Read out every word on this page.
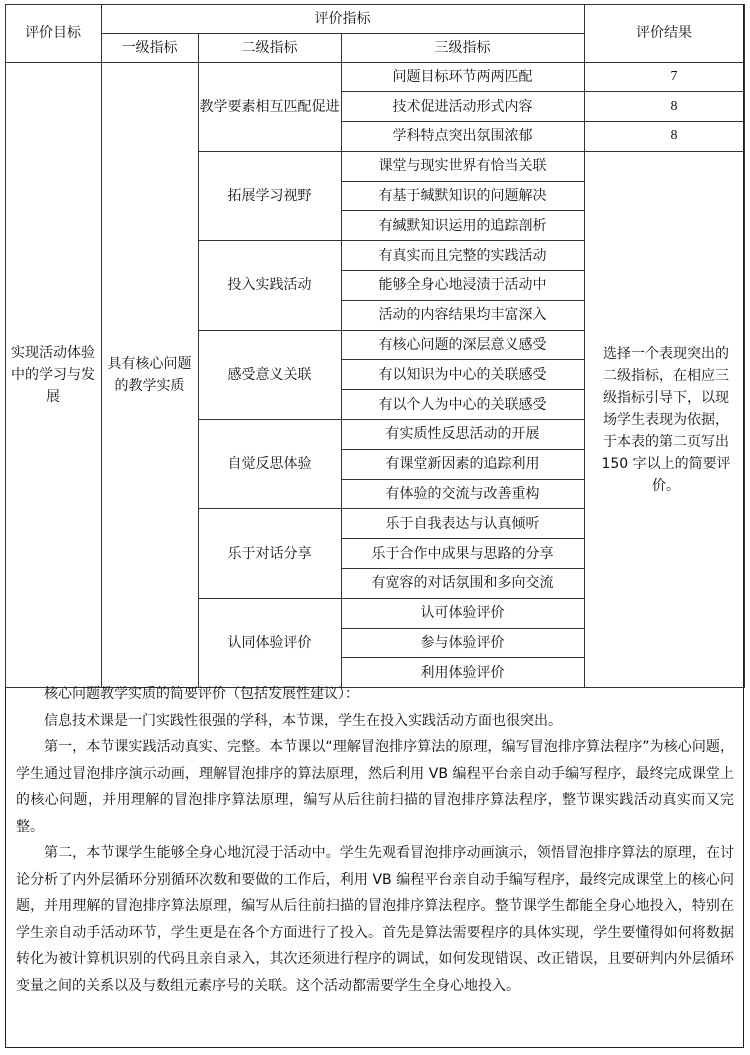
评价目标	评价指标			评价结果	
	一级指标	二级指标	三级指标		
实现活动体验中的学习与发展	具有核心问题的教学实质	教学要素相互匹配促进	问题目标环节两两匹配	7	
			技术促进活动形式内容	8	
			学科特点突出氛围浓郁	8	
		拓展学习视野	课堂与现实世界有恰当关联	选择一个表现突出的二级指标，在相应三级指标引导下，以现场学生表现为依据，于本表的第二页写出 150 字以上的简要评价。	
			有基于缄默知识的问题解决		
			有缄默知识运用的追踪剖析		
		投入实践活动	有真实而且完整的实践活动		
			能够全身心地浸渍于活动中		
			活动的内容结果均丰富深入		
		感受意义关联	有核心问题的深层意义感受		
			有以知识为中心的关联感受		
			有以个人为中心的关联感受		
		自觉反思体验	有实质性反思活动的开展		
			有课堂新因素的追踪利用		
			有体验的交流与改善重构		
		乐于对话分享	乐于自我表达与认真倾听		
			乐于合作中成果与思路的分享		
			有宽容的对话氛围和多向交流		
		认同体验评价	认可体验评价		
			参与体验评价		
			利用体验评价		

核心问题教学实质的简要评价（包括发展性建议）：

信息技术课是一门实践性很强的学科，本节课，学生在投入实践活动方面也很突出。

第一，本节课实践活动真实、完整。本节课以“理解冒泡排序算法的原理，编写冒泡排序算法程序”为核心问题，学生通过冒泡排序演示动画，理解冒泡排序的算法原理，然后利用 VB 编程平台亲自动手编写程序，最终完成课堂上的核心问题，并用理解的冒泡排序算法原理，编写从后往前扫描的冒泡排序算法程序，整节课实践活动真实而又完整。

第二，本节课学生能够全身心地沉浸于活动中。学生先观看冒泡排序动画演示，领悟冒泡排序算法的原理，在讨论分析了内外层循环分别循环次数和要做的工作后，利用 VB 编程平台亲自动手编写程序，最终完成课堂上的核心问题，并用理解的冒泡排序算法原理，编写从后往前扫描的冒泡排序算法程序。整节课学生都能全身心地投入，特别在学生亲自动手活动环节，学生更是在各个方面进行了投入。首先是算法需要程序的具体实现，学生要懂得如何将数据转化为被计算机识别的代码且亲自录入，其次还须进行程序的调试，如何发现错误、改正错误，且要研判内外层循环变量之间的关系以及与数组元素序号的关联。这个活动都需要学生全身心地投入。
